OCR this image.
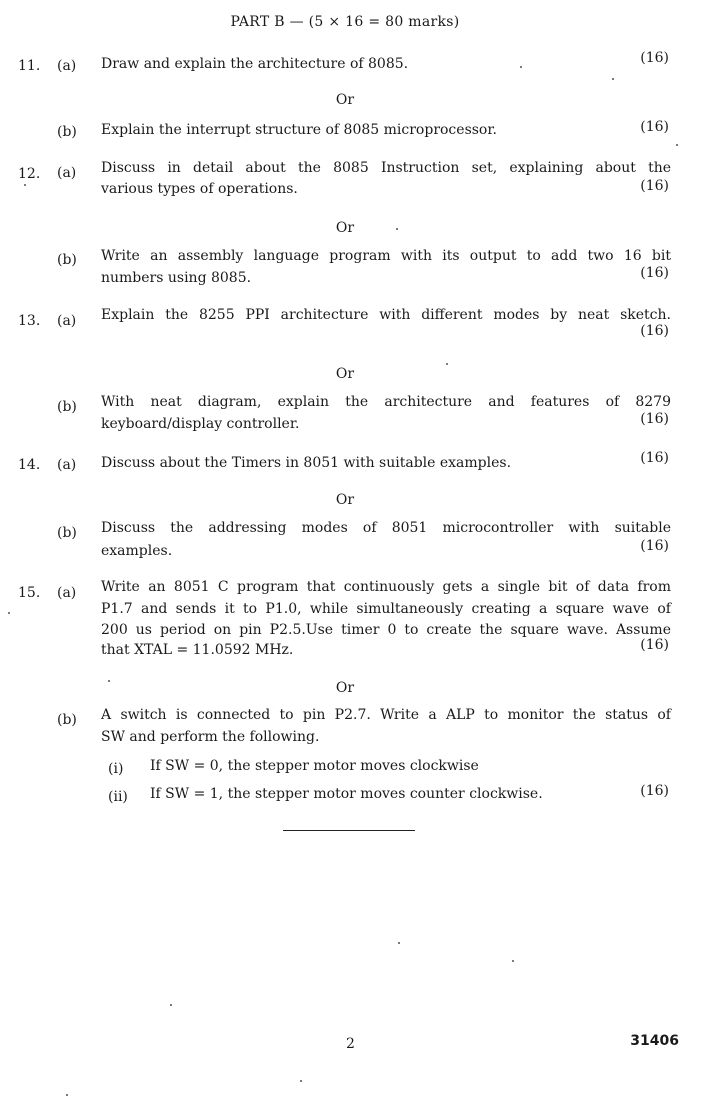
PART B — (5 × 16 = 80 marks)
11. (a) Draw and explain the architecture of 8085.	(16)
Or
(b) Explain the interrupt structure of 8085 microprocessor.	(16)
12. (a) Discuss in detail about the 8085 Instruction set, explaining about the
various types of operations.	(16)
Or
(b) Write an assembly language program with its output to add two 16 bit
numbers using 8085.	(16)
13. (a) Explain the 8255 PPI architecture with different modes by neat sketch.
(16)
Or
(b) With neat diagram, explain the architecture and features of 8279
keyboard/display controller.	(16)
14. (a) Discuss about the Timers in 8051 with suitable examples.	(16)
Or
(b) Discuss the addressing modes of 8051 microcontroller with suitable
examples.	(16)
15. (a) Write an 8051 C program that continuously gets a single bit of data from
P1.7 and sends it to P1.0, while simultaneously creating a square wave of
200 us period on pin P2.5.Use timer 0 to create the square wave. Assume
that XTAL = 11.0592 MHz.	(16)
Or
(b) A switch is connected to pin P2.7. Write a ALP to monitor the status of
SW and perform the following.
(i) If SW = 0, the stepper motor moves clockwise
(ii) If SW = 1, the stepper motor moves counter clockwise.	(16)
2	31406
